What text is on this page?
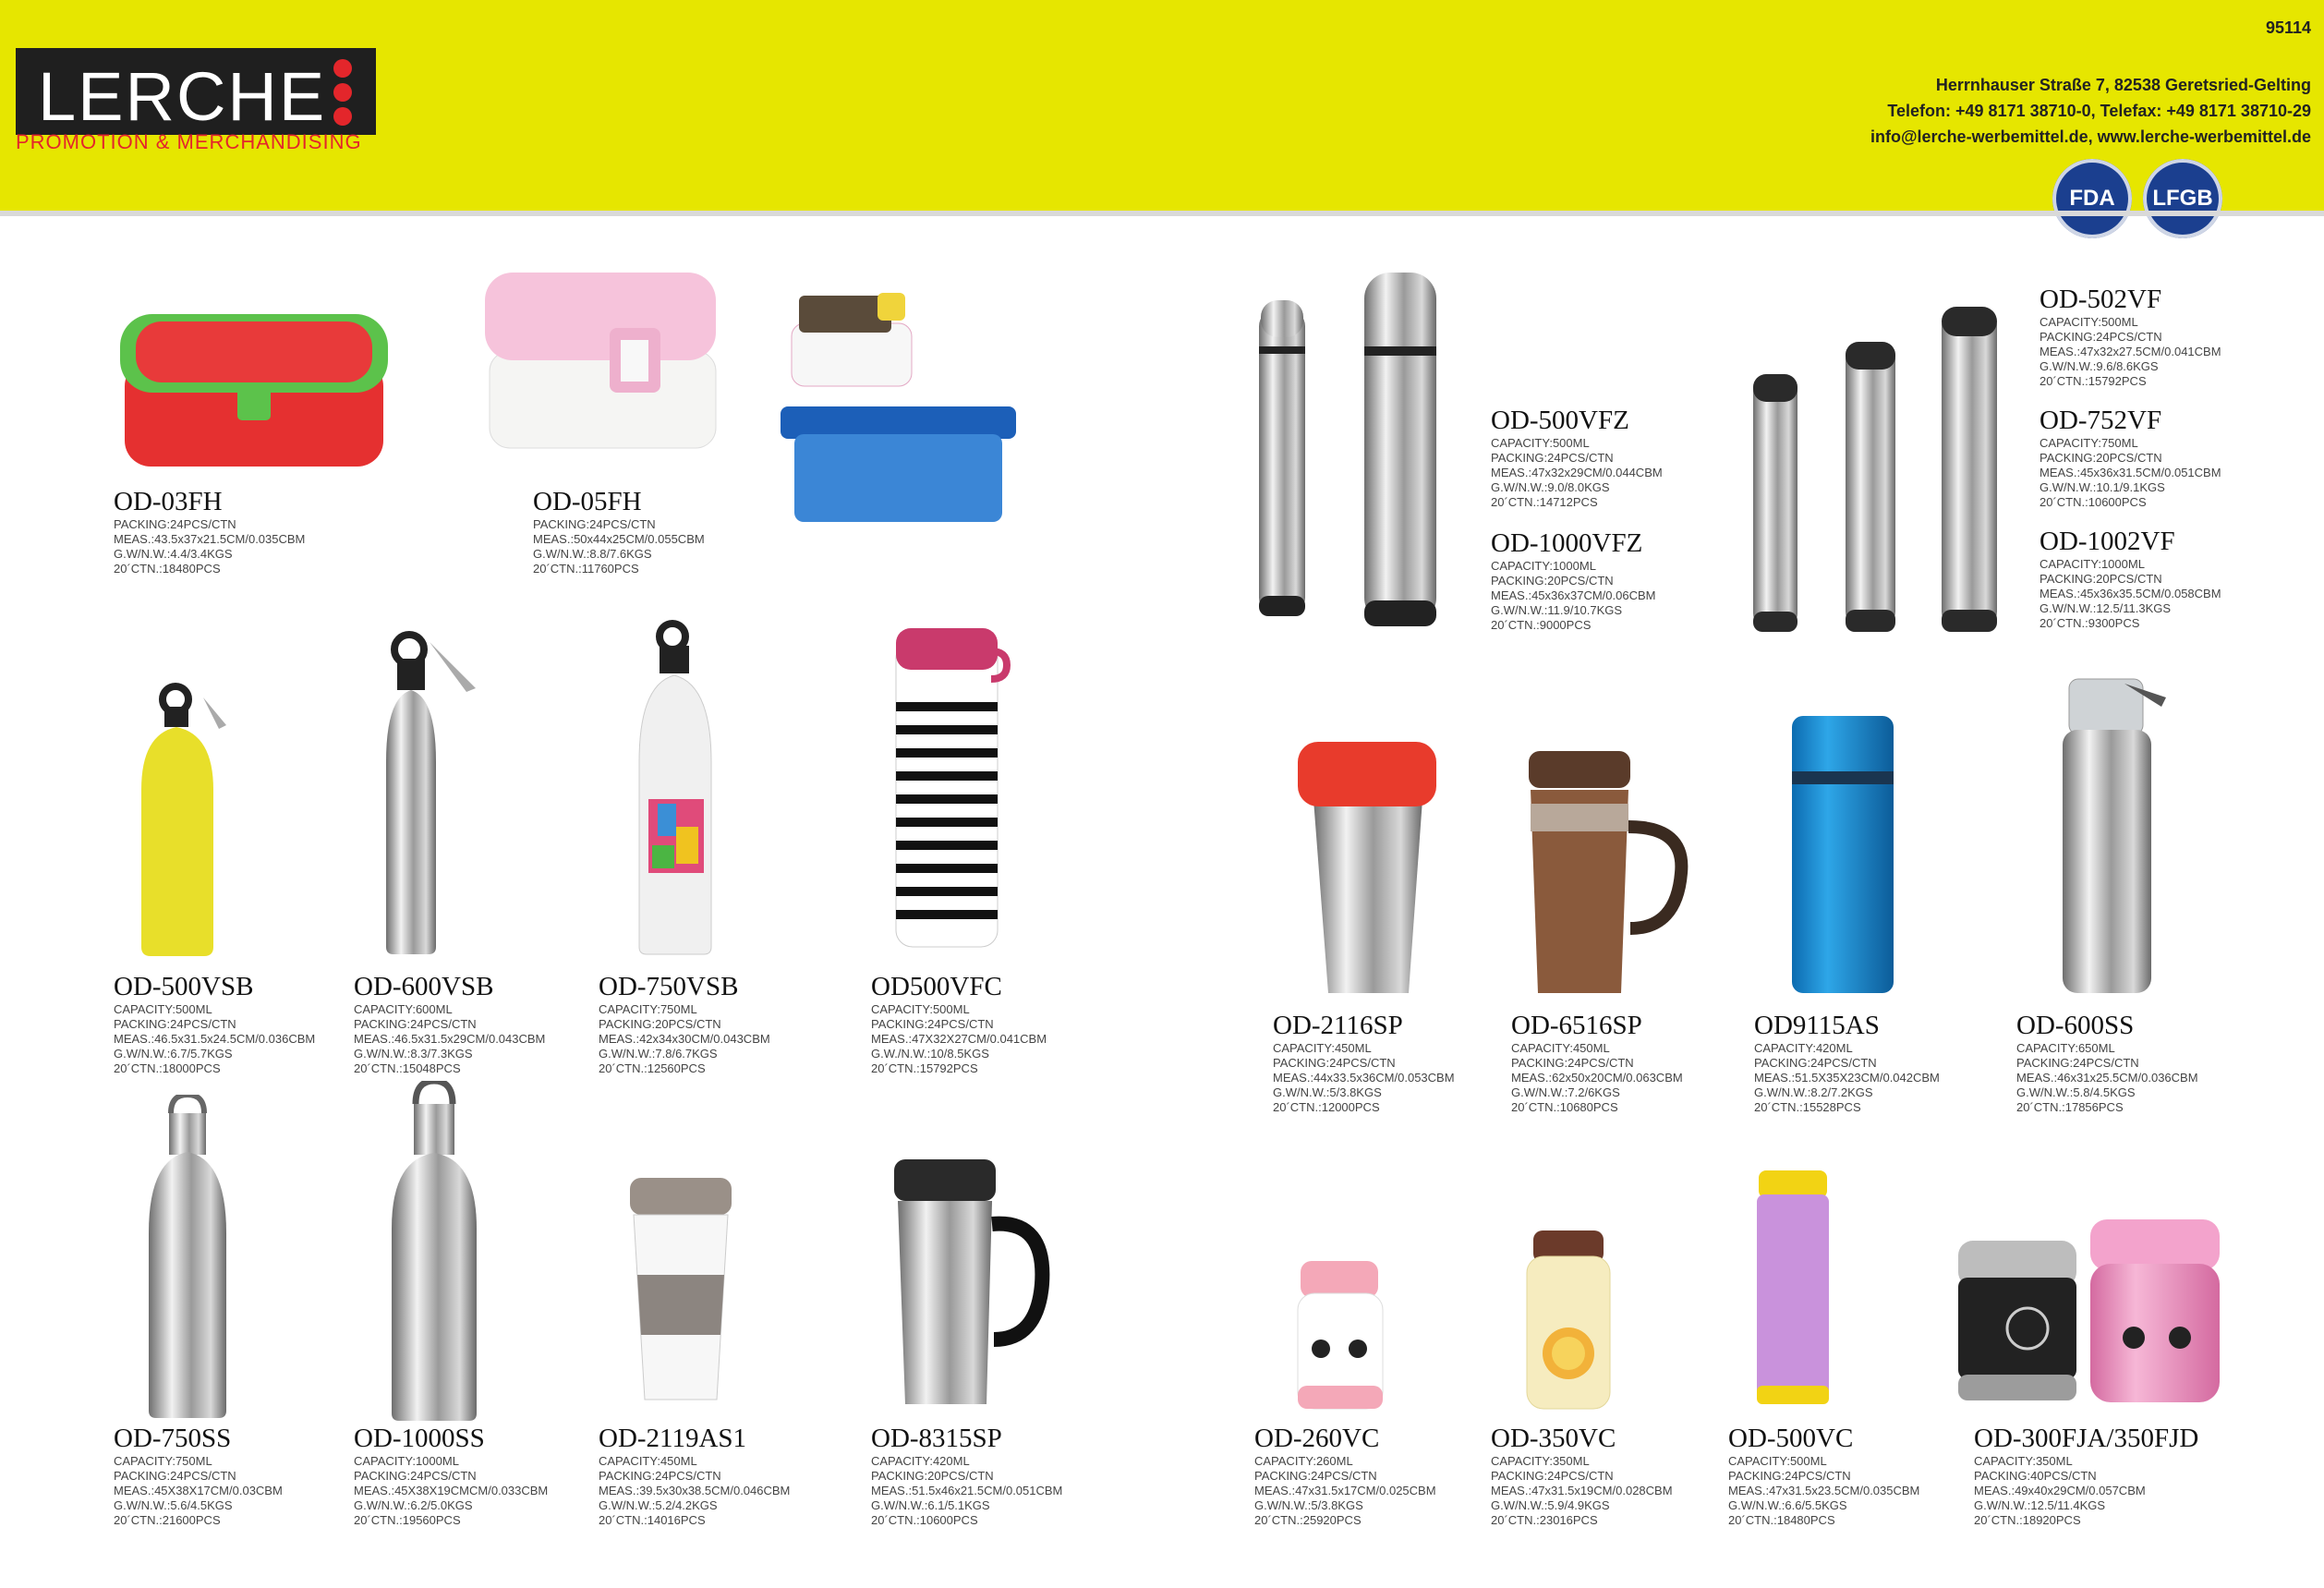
LERCHE
PROMOTION & MERCHANDISING
95114
Herrnhauser Straße 7, 82538 Geretsried-Gelting
Telefon: +49 8171 38710-0, Telefax: +49 8171 38710-29
info@lerche-werbemittel.de, www.lerche-werbemittel.de
FDA	LFGB
OD-03FH
PACKING:24PCS/CTN
MEAS.:43.5x37x21.5CM/0.035CBM
G.W/N.W.:4.4/3.4KGS
20´CTN.:18480PCS
OD-05FH
PACKING:24PCS/CTN
MEAS.:50x44x25CM/0.055CBM
G.W/N.W.:8.8/7.6KGS
20´CTN.:11760PCS
OD-500VFZ
CAPACITY:500ML
PACKING:24PCS/CTN
MEAS.:47x32x29CM/0.044CBM
G.W/N.W.:9.0/8.0KGS
20´CTN.:14712PCS
OD-1000VFZ
CAPACITY:1000ML
PACKING:20PCS/CTN
MEAS.:45x36x37CM/0.06CBM
G.W/N.W.:11.9/10.7KGS
20´CTN.:9000PCS
OD-502VF
CAPACITY:500ML
PACKING:24PCS/CTN
MEAS.:47x32x27.5CM/0.041CBM
G.W/N.W.:9.6/8.6KGS
20´CTN.:15792PCS
OD-752VF
CAPACITY:750ML
PACKING:20PCS/CTN
MEAS.:45x36x31.5CM/0.051CBM
G.W/N.W.:10.1/9.1KGS
20´CTN.:10600PCS
OD-1002VF
CAPACITY:1000ML
PACKING:20PCS/CTN
MEAS.:45x36x35.5CM/0.058CBM
G.W/N.W.:12.5/11.3KGS
20´CTN.:9300PCS
OD-500VSB
CAPACITY:500ML
PACKING:24PCS/CTN
MEAS.:46.5x31.5x24.5CM/0.036CBM
G.W/N.W.:6.7/5.7KGS
20´CTN.:18000PCS
OD-600VSB
CAPACITY:600ML
PACKING:24PCS/CTN
MEAS.:46.5x31.5x29CM/0.043CBM
G.W/N.W.:8.3/7.3KGS
20´CTN.:15048PCS
OD-750VSB
CAPACITY:750ML
PACKING:20PCS/CTN
MEAS.:42x34x30CM/0.043CBM
G.W/N.W.:7.8/6.7KGS
20´CTN.:12560PCS
OD500VFC
CAPACITY:500ML
PACKING:24PCS/CTN
MEAS.:47X32X27CM/0.041CBM
G.W./N.W.:10/8.5KGS
20´CTN.:15792PCS
OD-2116SP
CAPACITY:450ML
PACKING:24PCS/CTN
MEAS.:44x33.5x36CM/0.053CBM
G.W/N.W.:5/3.8KGS
20´CTN.:12000PCS
OD-6516SP
CAPACITY:450ML
PACKING:24PCS/CTN
MEAS.:62x50x20CM/0.063CBM
G.W/N.W.:7.2/6KGS
20´CTN.:10680PCS
OD9115AS
CAPACITY:420ML
PACKING:24PCS/CTN
MEAS.:51.5X35X23CM/0.042CBM
G.W/N.W.:8.2/7.2KGS
20´CTN.:15528PCS
OD-600SS
CAPACITY:650ML
PACKING:24PCS/CTN
MEAS.:46x31x25.5CM/0.036CBM
G.W/N.W.:5.8/4.5KGS
20´CTN.:17856PCS
OD-750SS
CAPACITY:750ML
PACKING:24PCS/CTN
MEAS.:45X38X17CM/0.03CBM
G.W/N.W.:5.6/4.5KGS
20´CTN.:21600PCS
OD-1000SS
CAPACITY:1000ML
PACKING:24PCS/CTN
MEAS.:45X38X19CMCM/0.033CBM
G.W/N.W.:6.2/5.0KGS
20´CTN.:19560PCS
OD-2119AS1
CAPACITY:450ML
PACKING:24PCS/CTN
MEAS.:39.5x30x38.5CM/0.046CBM
G.W/N.W.:5.2/4.2KGS
20´CTN.:14016PCS
OD-8315SP
CAPACITY:420ML
PACKING:20PCS/CTN
MEAS.:51.5x46x21.5CM/0.051CBM
G.W/N.W.:6.1/5.1KGS
20´CTN.:10600PCS
OD-260VC
CAPACITY:260ML
PACKING:24PCS/CTN
MEAS.:47x31.5x17CM/0.025CBM
G.W/N.W.:5/3.8KGS
20´CTN.:25920PCS
OD-350VC
CAPACITY:350ML
PACKING:24PCS/CTN
MEAS.:47x31.5x19CM/0.028CBM
G.W/N.W.:5.9/4.9KGS
20´CTN.:23016PCS
OD-500VC
CAPACITY:500ML
PACKING:24PCS/CTN
MEAS.:47x31.5x23.5CM/0.035CBM
G.W/N.W.:6.6/5.5KGS
20´CTN.:18480PCS
OD-300FJA/350FJD
CAPACITY:350ML
PACKING:40PCS/CTN
MEAS.:49x40x29CM/0.057CBM
G.W/N.W.:12.5/11.4KGS
20´CTN.:18920PCS
